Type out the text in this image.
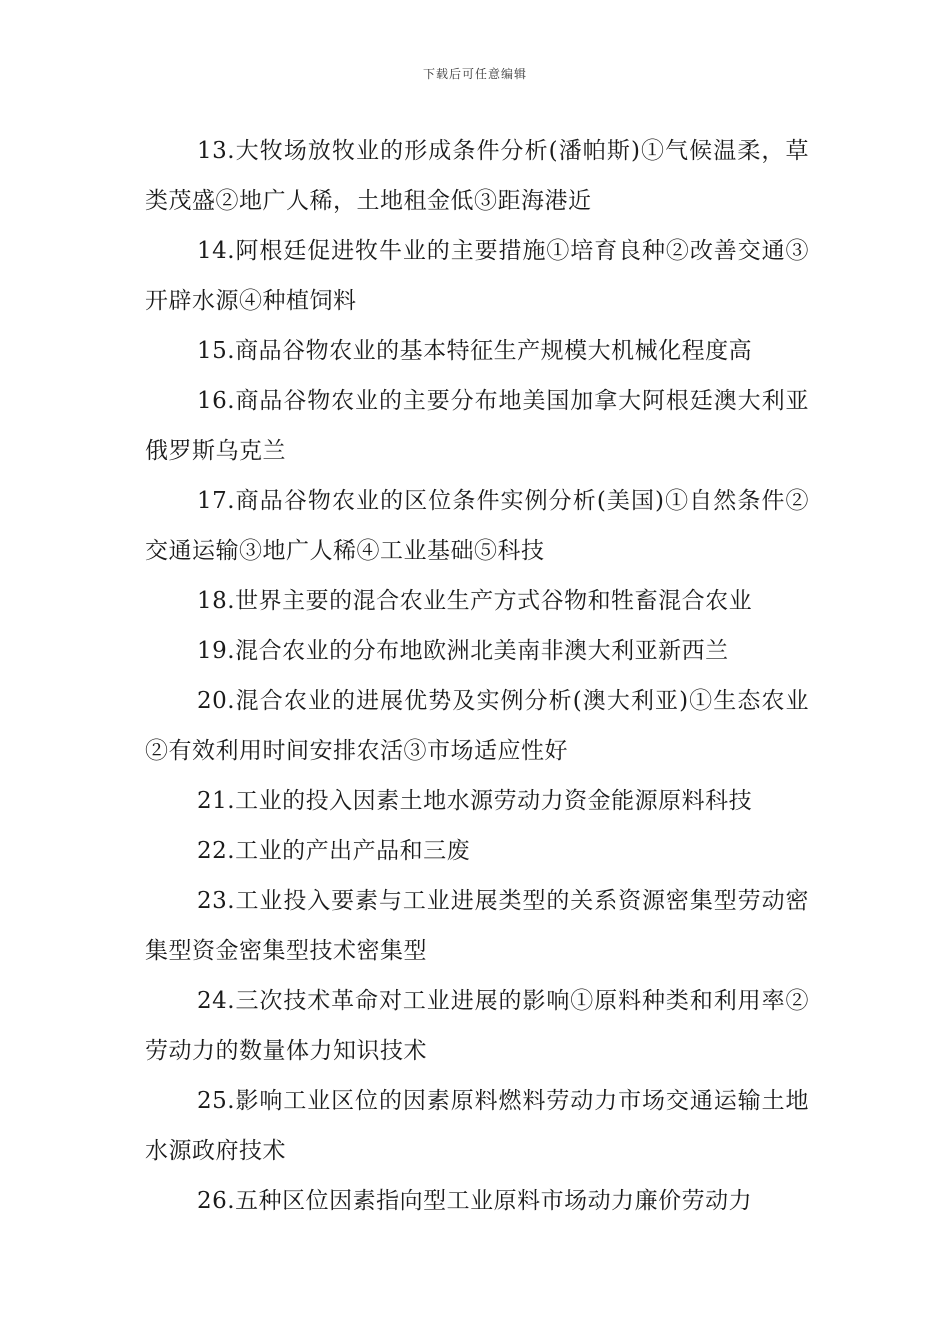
下载后可任意编辑

13.大牧场放牧业的形成条件分析(潘帕斯)①气候温柔，草类茂盛②地广人稀，土地租金低③距海港近

14.阿根廷促进牧牛业的主要措施①培育良种②改善交通③开辟水源④种植饲料

15.商品谷物农业的基本特征生产规模大机械化程度高

16.商品谷物农业的主要分布地美国加拿大阿根廷澳大利亚俄罗斯乌克兰

17.商品谷物农业的区位条件实例分析(美国)①自然条件②交通运输③地广人稀④工业基础⑤科技

18.世界主要的混合农业生产方式谷物和牲畜混合农业

19.混合农业的分布地欧洲北美南非澳大利亚新西兰

20.混合农业的进展优势及实例分析(澳大利亚)①生态农业②有效利用时间安排农活③市场适应性好

21.工业的投入因素土地水源劳动力资金能源原料科技

22.工业的产出产品和三废

23.工业投入要素与工业进展类型的关系资源密集型劳动密集型资金密集型技术密集型

24.三次技术革命对工业进展的影响①原料种类和利用率②劳动力的数量体力知识技术

25.影响工业区位的因素原料燃料劳动力市场交通运输土地水源政府技术

26.五种区位因素指向型工业原料市场动力廉价劳动力
